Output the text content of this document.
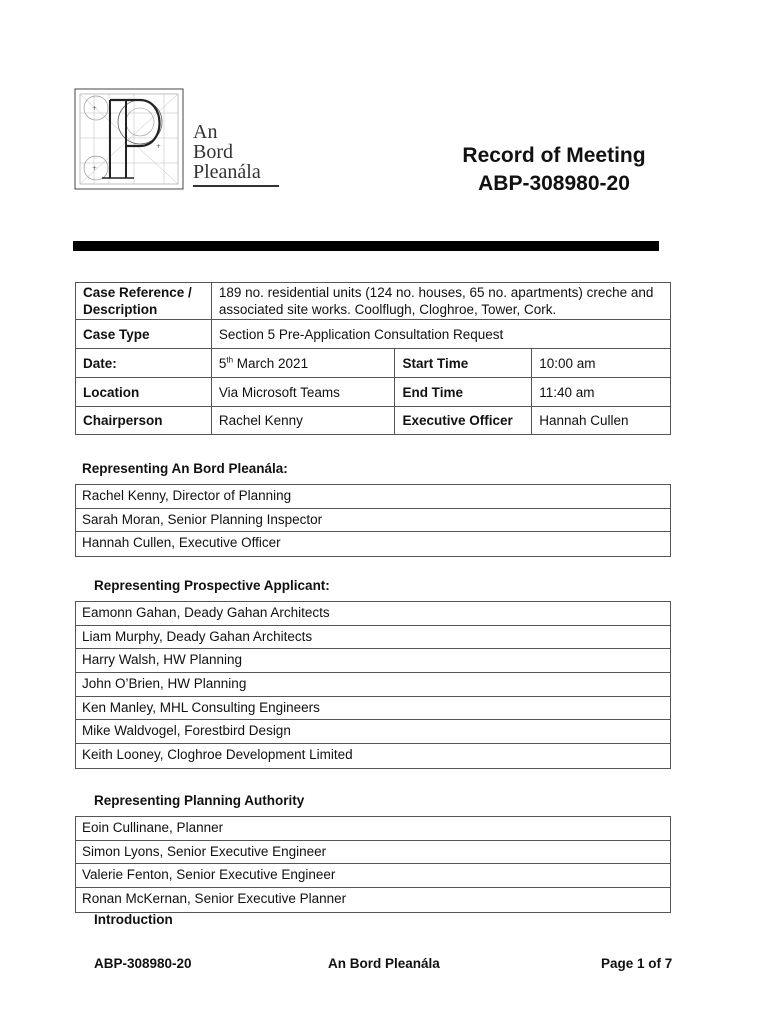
+
+
+
An
Bord
Pleanála
Record of Meeting
ABP-308980-20
Case Reference / Description	189 no. residential units (124 no. houses, 65 no. apartments) creche and associated site works. Coolflugh, Cloghroe, Tower, Cork.		
Case Type	Section 5 Pre-Application Consultation Request		
Date:	5th March 2021	Start Time	10:00 am
Location	Via Microsoft Teams	End Time	11:40 am
Chairperson	Rachel Kenny	Executive Officer	Hannah Cullen
Representing An Bord Pleanála:
Rachel Kenny, Director of Planning
Sarah Moran, Senior Planning Inspector
Hannah Cullen, Executive Officer
Representing Prospective Applicant:
Eamonn Gahan, Deady Gahan Architects
Liam Murphy, Deady Gahan Architects
Harry Walsh, HW Planning
John O’Brien, HW Planning
Ken Manley, MHL Consulting Engineers
Mike Waldvogel, Forestbird Design
Keith Looney, Cloghroe Development Limited
Representing Planning Authority
Eoin Cullinane, Planner
Simon Lyons, Senior Executive Engineer
Valerie Fenton, Senior Executive Engineer
Ronan McKernan, Senior Executive Planner
Introduction
ABP-308980-20	An Bord Pleanála	Page 1 of 7
